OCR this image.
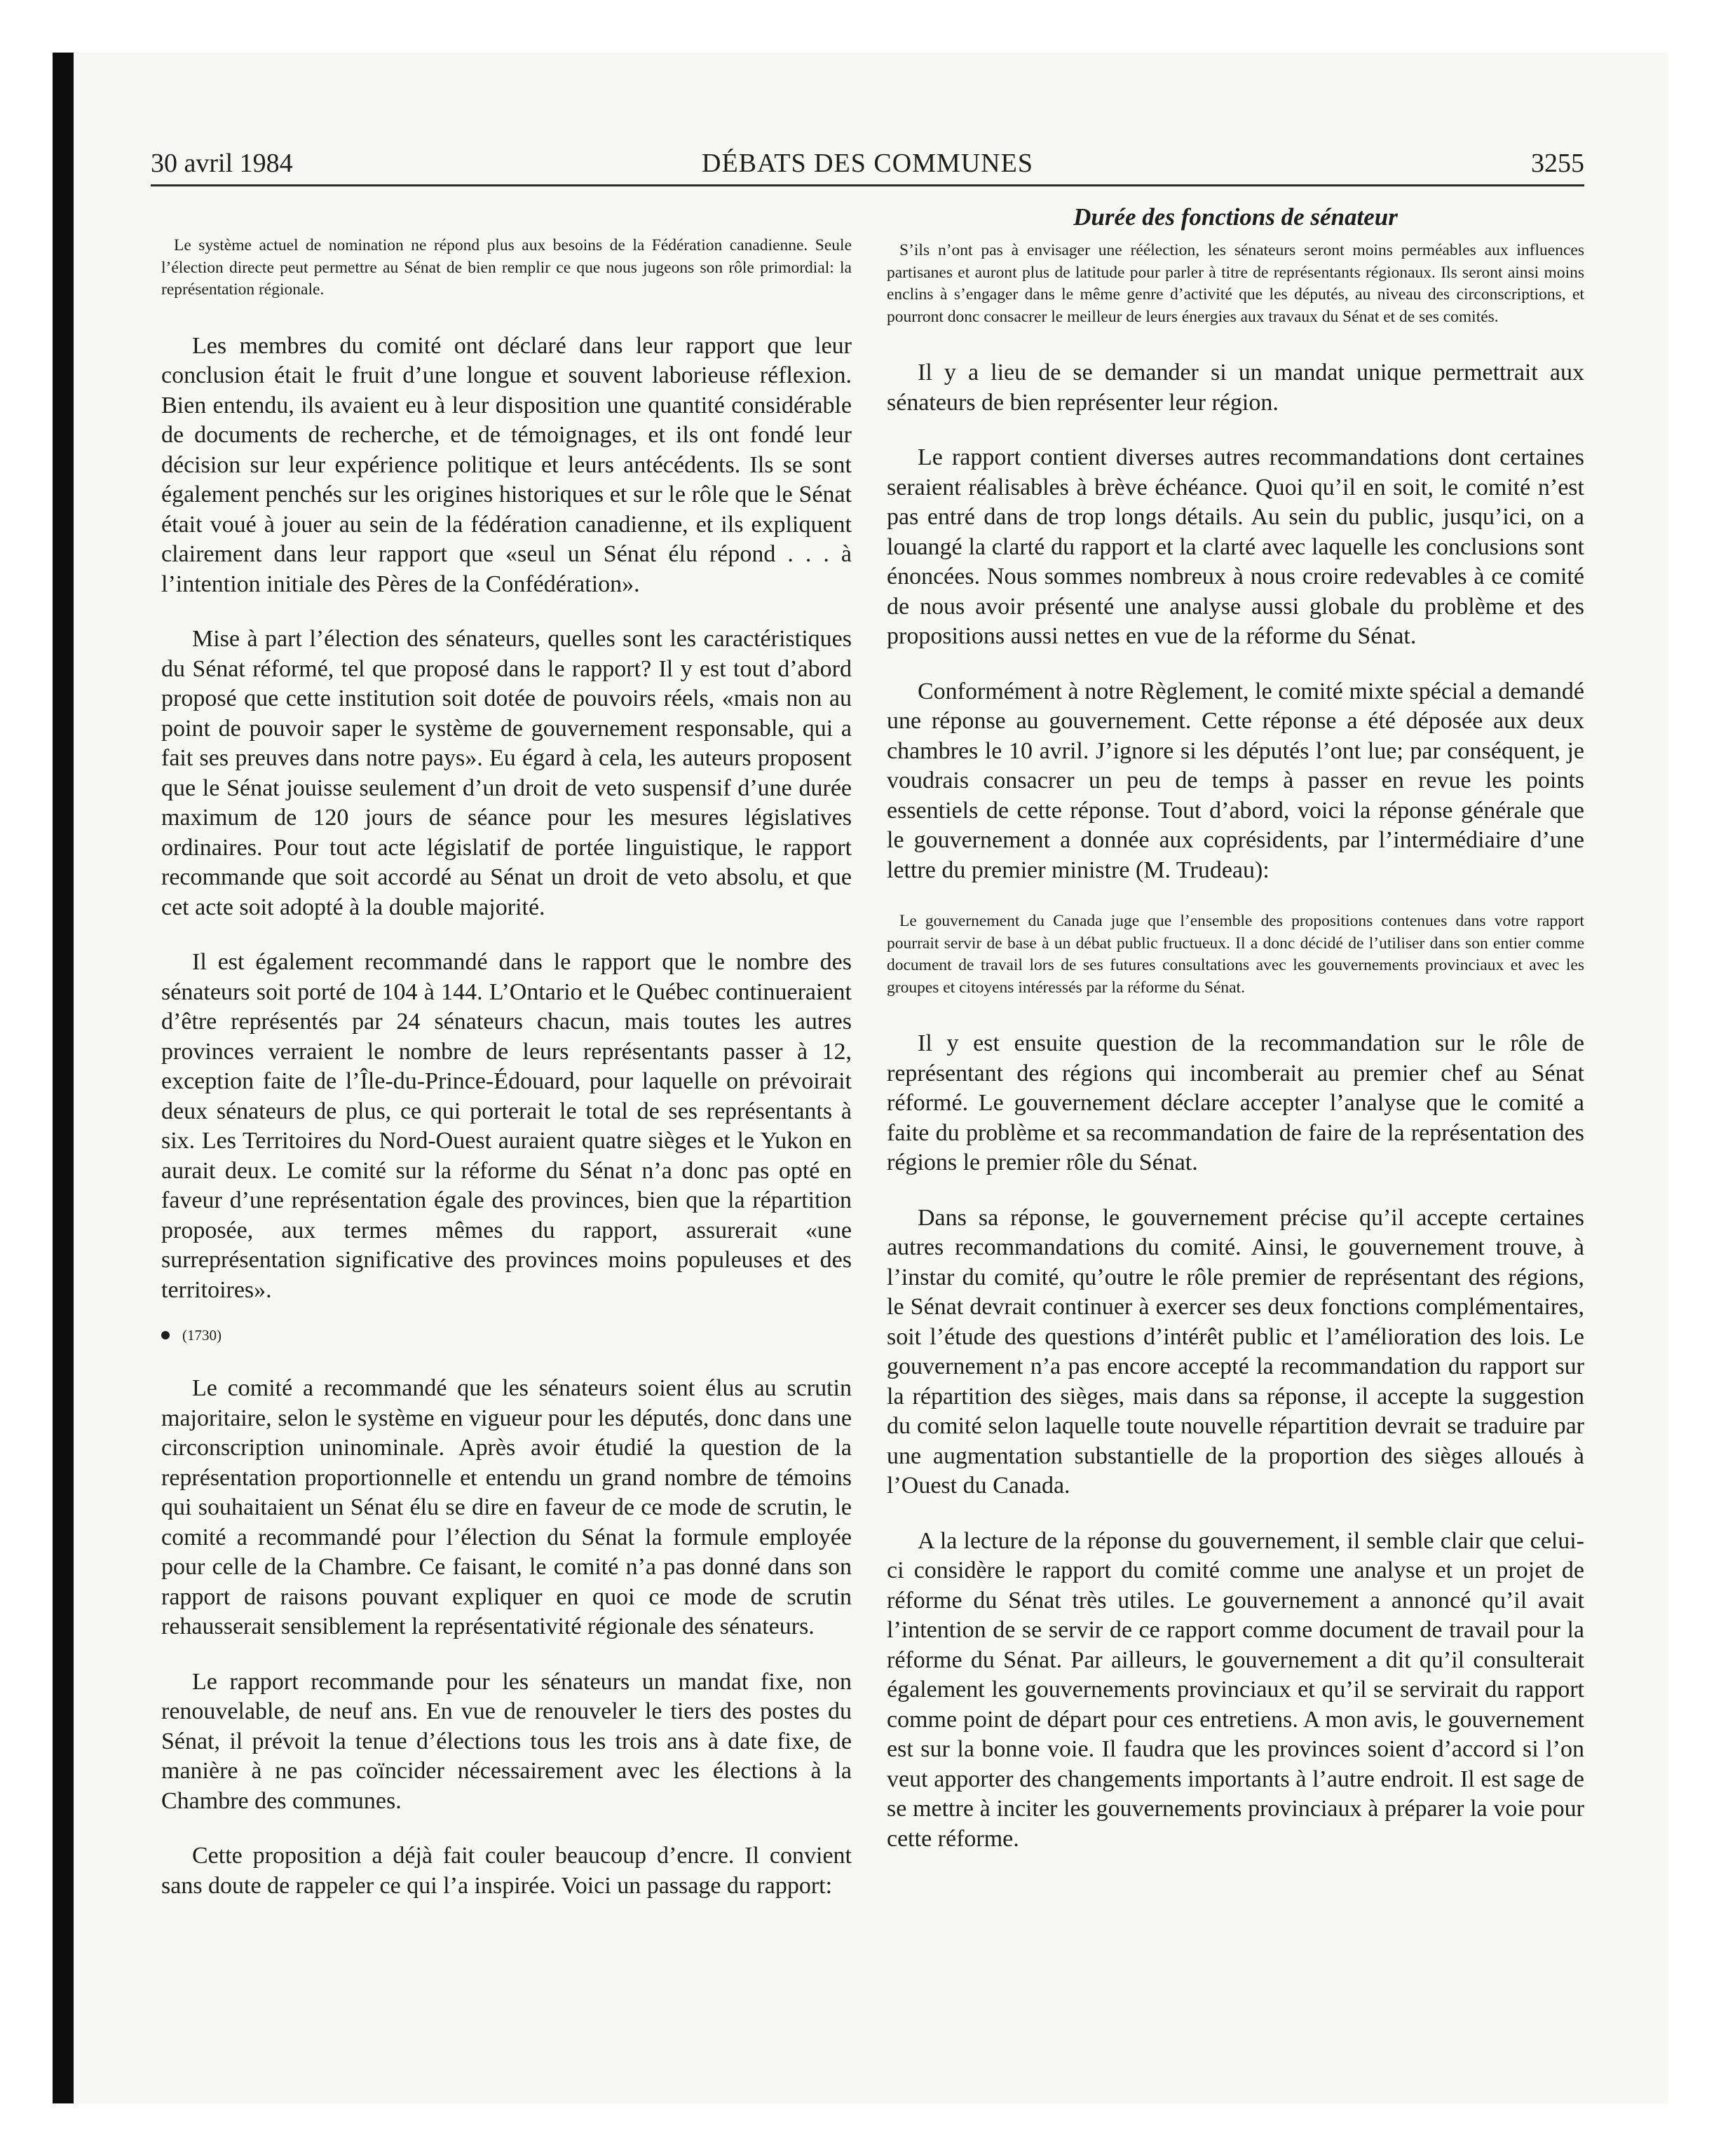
30 avril 1984	DÉBATS DES COMMUNES	3255

Le système actuel de nomination ne répond plus aux besoins de la Fédération canadienne. Seule l’élection directe peut permettre au Sénat de bien remplir ce que nous jugeons son rôle primordial: la représentation régionale.

Les membres du comité ont déclaré dans leur rapport que leur conclusion était le fruit d’une longue et souvent laborieuse réflexion. Bien entendu, ils avaient eu à leur disposition une quantité considérable de documents de recherche, et de témoignages, et ils ont fondé leur décision sur leur expérience politique et leurs antécédents. Ils se sont également penchés sur les origines historiques et sur le rôle que le Sénat était voué à jouer au sein de la fédération canadienne, et ils expliquent clairement dans leur rapport que «seul un Sénat élu répond . . . à l’intention initiale des Pères de la Confédération».

Mise à part l’élection des sénateurs, quelles sont les caractéristiques du Sénat réformé, tel que proposé dans le rapport? Il y est tout d’abord proposé que cette institution soit dotée de pouvoirs réels, «mais non au point de pouvoir saper le système de gouvernement responsable, qui a fait ses preuves dans notre pays». Eu égard à cela, les auteurs proposent que le Sénat jouisse seulement d’un droit de veto suspensif d’une durée maximum de 120 jours de séance pour les mesures législatives ordinaires. Pour tout acte législatif de portée linguistique, le rapport recommande que soit accordé au Sénat un droit de veto absolu, et que cet acte soit adopté à la double majorité.

Il est également recommandé dans le rapport que le nombre des sénateurs soit porté de 104 à 144. L’Ontario et le Québec continueraient d’être représentés par 24 sénateurs chacun, mais toutes les autres provinces verraient le nombre de leurs représentants passer à 12, exception faite de l’Île-du-Prince-Édouard, pour laquelle on prévoirait deux sénateurs de plus, ce qui porterait le total de ses représentants à six. Les Territoires du Nord-Ouest auraient quatre sièges et le Yukon en aurait deux. Le comité sur la réforme du Sénat n’a donc pas opté en faveur d’une représentation égale des provinces, bien que la répartition proposée, aux termes mêmes du rapport, assurerait «une surreprésentation significative des provinces moins populeuses et des territoires».

(1730)

Le comité a recommandé que les sénateurs soient élus au scrutin majoritaire, selon le système en vigueur pour les députés, donc dans une circonscription uninominale. Après avoir étudié la question de la représentation proportionnelle et entendu un grand nombre de témoins qui souhaitaient un Sénat élu se dire en faveur de ce mode de scrutin, le comité a recommandé pour l’élection du Sénat la formule employée pour celle de la Chambre. Ce faisant, le comité n’a pas donné dans son rapport de raisons pouvant expliquer en quoi ce mode de scrutin rehausserait sensiblement la représentativité régionale des sénateurs.

Le rapport recommande pour les sénateurs un mandat fixe, non renouvelable, de neuf ans. En vue de renouveler le tiers des postes du Sénat, il prévoit la tenue d’élections tous les trois ans à date fixe, de manière à ne pas coïncider nécessairement avec les élections à la Chambre des communes.

Cette proposition a déjà fait couler beaucoup d’encre. Il convient sans doute de rappeler ce qui l’a inspirée. Voici un passage du rapport:

Durée des fonctions de sénateur

S’ils n’ont pas à envisager une réélection, les sénateurs seront moins perméables aux influences partisanes et auront plus de latitude pour parler à titre de représentants régionaux. Ils seront ainsi moins enclins à s’engager dans le même genre d’activité que les députés, au niveau des circonscriptions, et pourront donc consacrer le meilleur de leurs énergies aux travaux du Sénat et de ses comités.

Il y a lieu de se demander si un mandat unique permettrait aux sénateurs de bien représenter leur région.

Le rapport contient diverses autres recommandations dont certaines seraient réalisables à brève échéance. Quoi qu’il en soit, le comité n’est pas entré dans de trop longs détails. Au sein du public, jusqu’ici, on a louangé la clarté du rapport et la clarté avec laquelle les conclusions sont énoncées. Nous sommes nombreux à nous croire redevables à ce comité de nous avoir présenté une analyse aussi globale du problème et des propositions aussi nettes en vue de la réforme du Sénat.

Conformément à notre Règlement, le comité mixte spécial a demandé une réponse au gouvernement. Cette réponse a été déposée aux deux chambres le 10 avril. J’ignore si les députés l’ont lue; par conséquent, je voudrais consacrer un peu de temps à passer en revue les points essentiels de cette réponse. Tout d’abord, voici la réponse générale que le gouvernement a donnée aux coprésidents, par l’intermédiaire d’une lettre du premier ministre (M. Trudeau):

Le gouvernement du Canada juge que l’ensemble des propositions contenues dans votre rapport pourrait servir de base à un débat public fructueux. Il a donc décidé de l’utiliser dans son entier comme document de travail lors de ses futures consultations avec les gouvernements provinciaux et avec les groupes et citoyens intéressés par la réforme du Sénat.

Il y est ensuite question de la recommandation sur le rôle de représentant des régions qui incomberait au premier chef au Sénat réformé. Le gouvernement déclare accepter l’analyse que le comité a faite du problème et sa recommandation de faire de la représentation des régions le premier rôle du Sénat.

Dans sa réponse, le gouvernement précise qu’il accepte certaines autres recommandations du comité. Ainsi, le gouvernement trouve, à l’instar du comité, qu’outre le rôle premier de représentant des régions, le Sénat devrait continuer à exercer ses deux fonctions complémentaires, soit l’étude des questions d’intérêt public et l’amélioration des lois. Le gouvernement n’a pas encore accepté la recommandation du rapport sur la répartition des sièges, mais dans sa réponse, il accepte la suggestion du comité selon laquelle toute nouvelle répartition devrait se traduire par une augmentation substantielle de la proportion des sièges alloués à l’Ouest du Canada.

A la lecture de la réponse du gouvernement, il semble clair que celui-ci considère le rapport du comité comme une analyse et un projet de réforme du Sénat très utiles. Le gouvernement a annoncé qu’il avait l’intention de se servir de ce rapport comme document de travail pour la réforme du Sénat. Par ailleurs, le gouvernement a dit qu’il consulterait également les gouvernements provinciaux et qu’il se servirait du rapport comme point de départ pour ces entretiens. A mon avis, le gouvernement est sur la bonne voie. Il faudra que les provinces soient d’accord si l’on veut apporter des changements importants à l’autre endroit. Il est sage de se mettre à inciter les gouvernements provinciaux à préparer la voie pour cette réforme.
